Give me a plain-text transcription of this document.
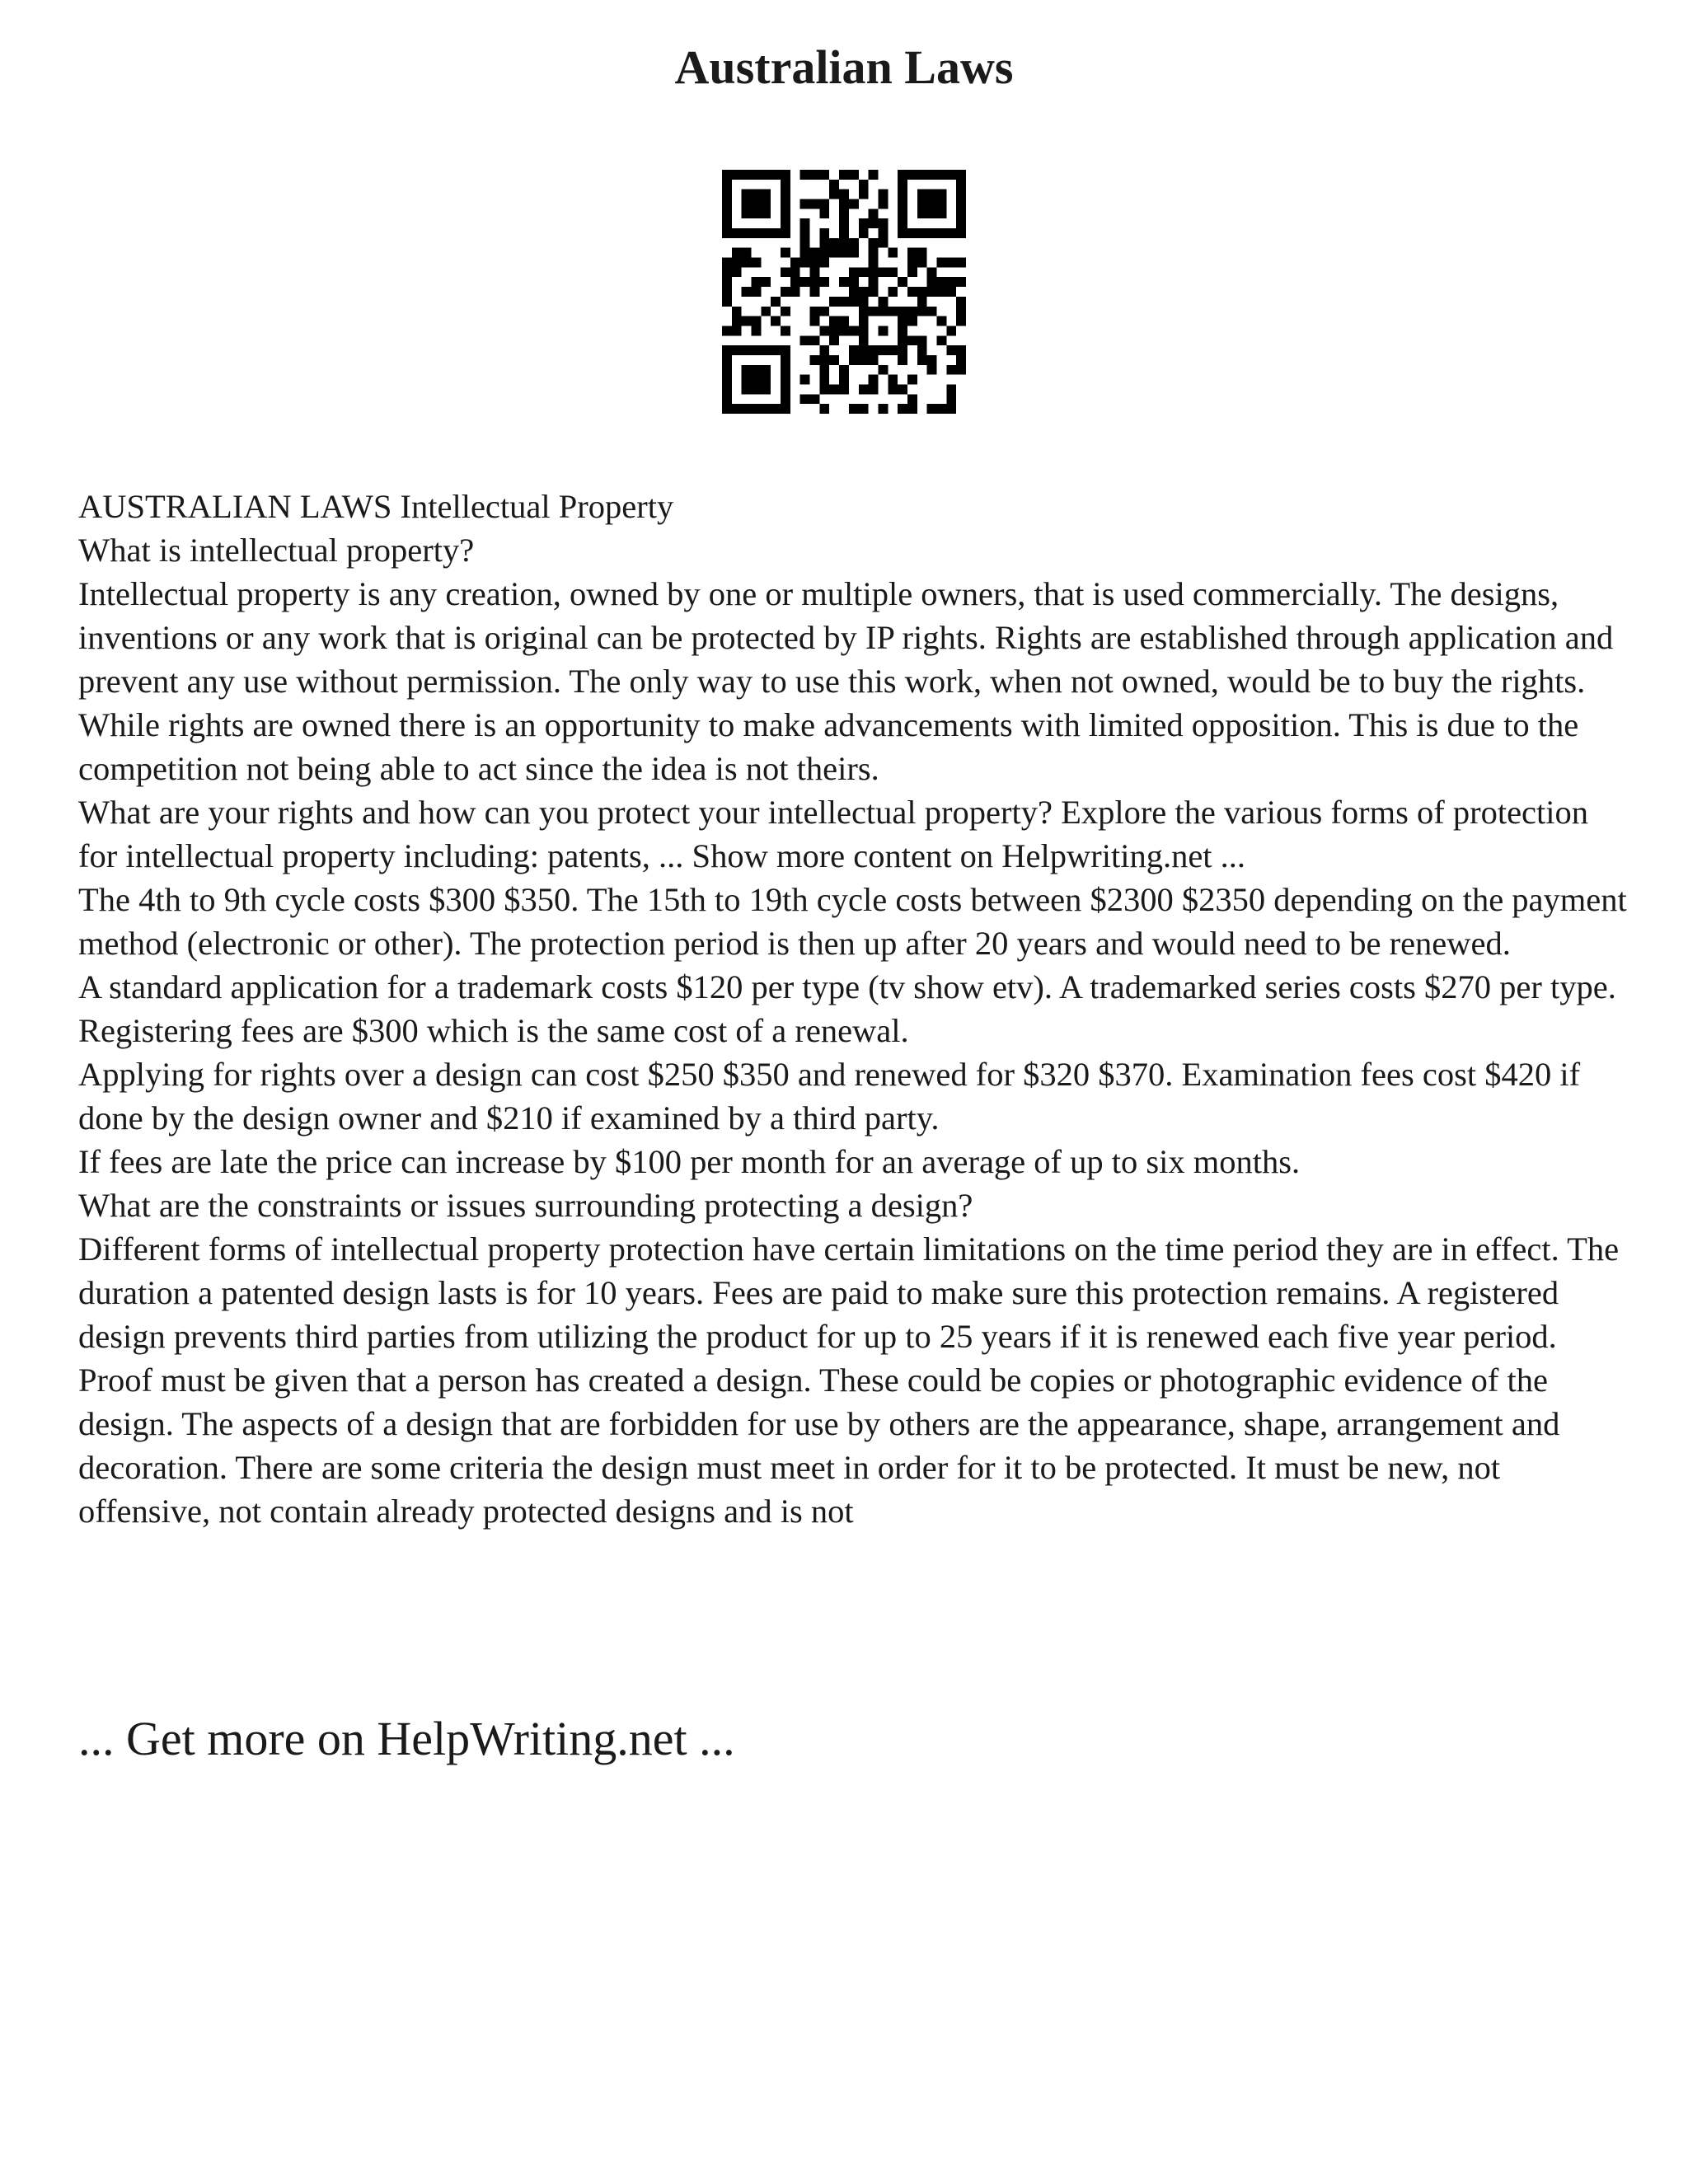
Australian Laws

AUSTRALIAN LAWS Intellectual Property

What is intellectual property?

Intellectual property is any creation, owned by one or multiple owners, that is used commercially. The designs, inventions or any work that is original can be protected by IP rights. Rights are established through application and prevent any use without permission. The only way to use this work, when not owned, would be to buy the rights. While rights are owned there is an opportunity to make advancements with limited opposition. This is due to the competition not being able to act since the idea is not theirs.

What are your rights and how can you protect your intellectual property? Explore the various forms of protection for intellectual property including: patents, ... Show more content on Helpwriting.net ...

The 4th to 9th cycle costs $300 $350. The 15th to 19th cycle costs between $2300 $2350 depending on the payment method (electronic or other). The protection period is then up after 20 years and would need to be renewed.

A standard application for a trademark costs $120 per type (tv show etv). A trademarked series costs $270 per type. Registering fees are $300 which is the same cost of a renewal.

Applying for rights over a design can cost $250 $350 and renewed for $320 $370. Examination fees cost $420 if done by the design owner and $210 if examined by a third party.

If fees are late the price can increase by $100 per month for an average of up to six months.

What are the constraints or issues surrounding protecting a design?

Different forms of intellectual property protection have certain limitations on the time period they are in effect. The duration a patented design lasts is for 10 years. Fees are paid to make sure this protection remains. A registered design prevents third parties from utilizing the product for up to 25 years if it is renewed each five year period. Proof must be given that a person has created a design. These could be copies or photographic evidence of the design. The aspects of a design that are forbidden for use by others are the appearance, shape, arrangement and decoration. There are some criteria the design must meet in order for it to be protected. It must be new, not offensive, not contain already protected designs and is not

... Get more on HelpWriting.net ...
